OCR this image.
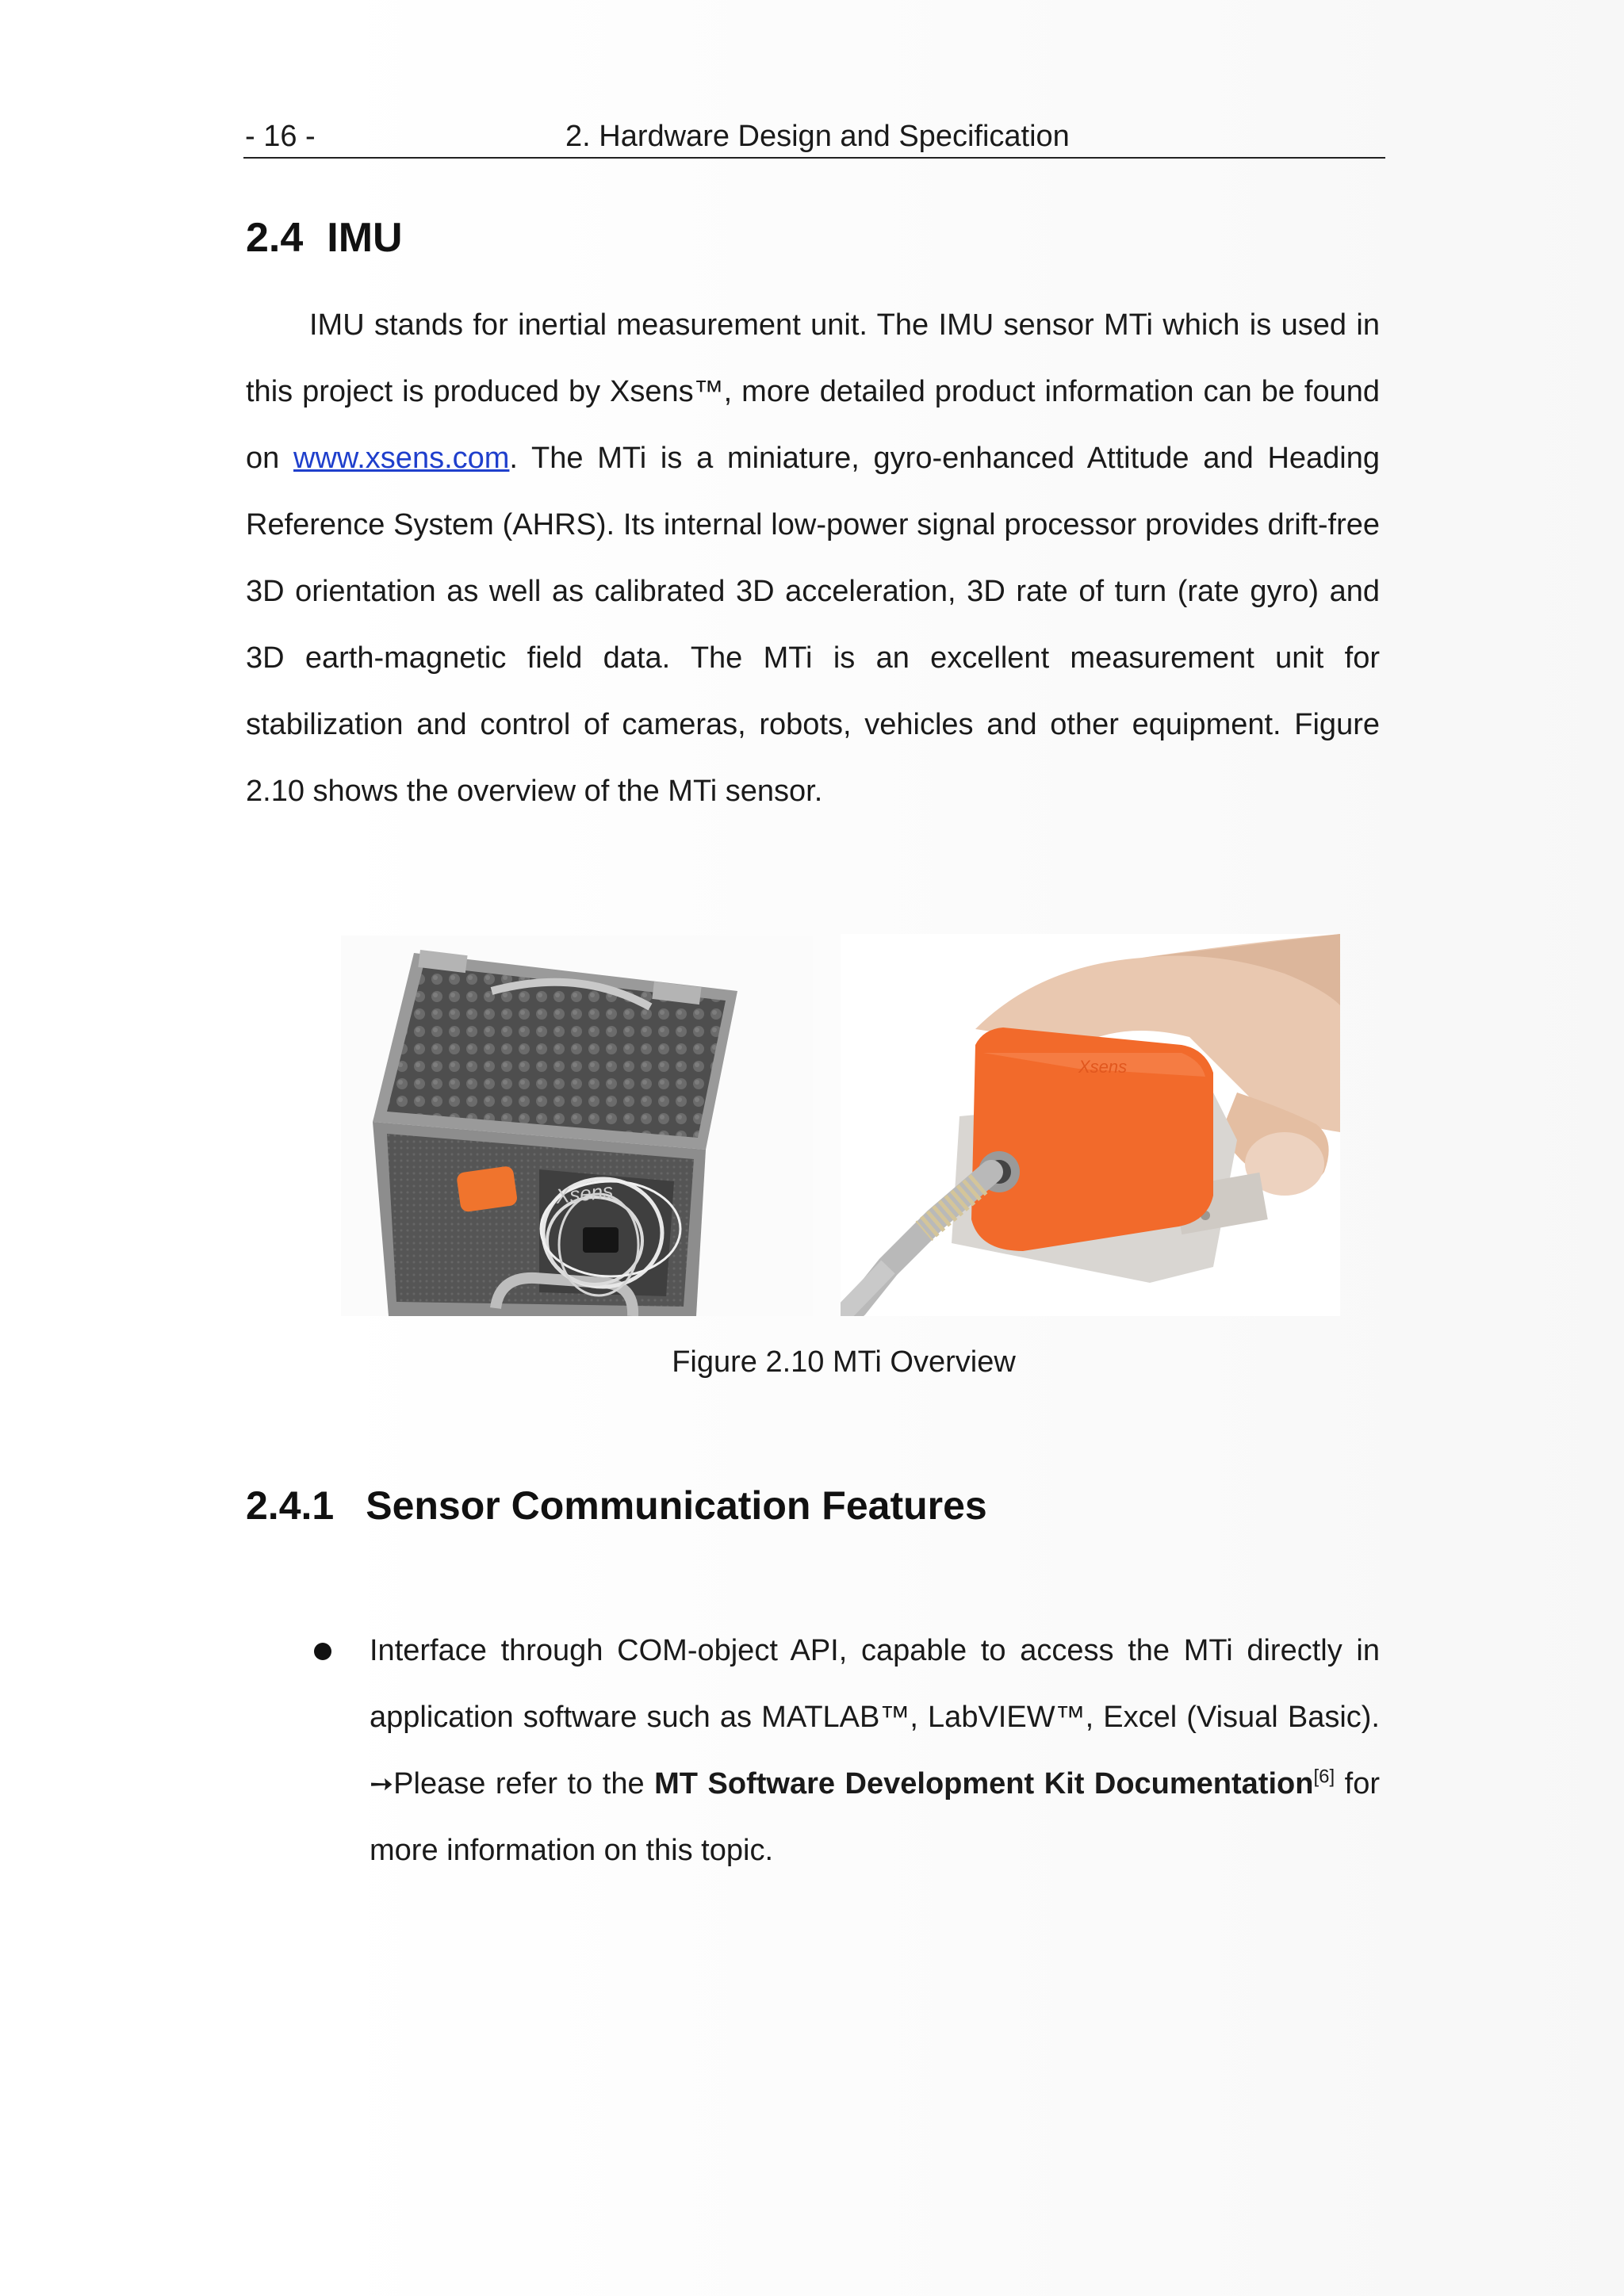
- 16 -	2. Hardware Design and Specification
2.4 IMU

IMU stands for inertial measurement unit. The IMU sensor MTi which is used in this project is produced by Xsens™, more detailed product information can be found on www.xsens.com. The MTi is a miniature, gyro-enhanced Attitude and Heading Reference System (AHRS). Its internal low-power signal processor provides drift-free 3D orientation as well as calibrated 3D acceleration, 3D rate of turn (rate gyro) and 3D earth-magnetic field data. The MTi is an excellent measurement unit for stabilization and control of cameras, robots, vehicles and other equipment. Figure 2.10 shows the overview of the MTi sensor.

Xsens
Xsens
Figure 2.10 MTi Overview
2.4.1 Sensor Communication Features
Interface through COM-object API, capable to access the MTi directly in application software such as MATLAB™, LabVIEW™, Excel (Visual Basic). ➙Please refer to the MT Software Development Kit Documentation[6] for more information on this topic.
